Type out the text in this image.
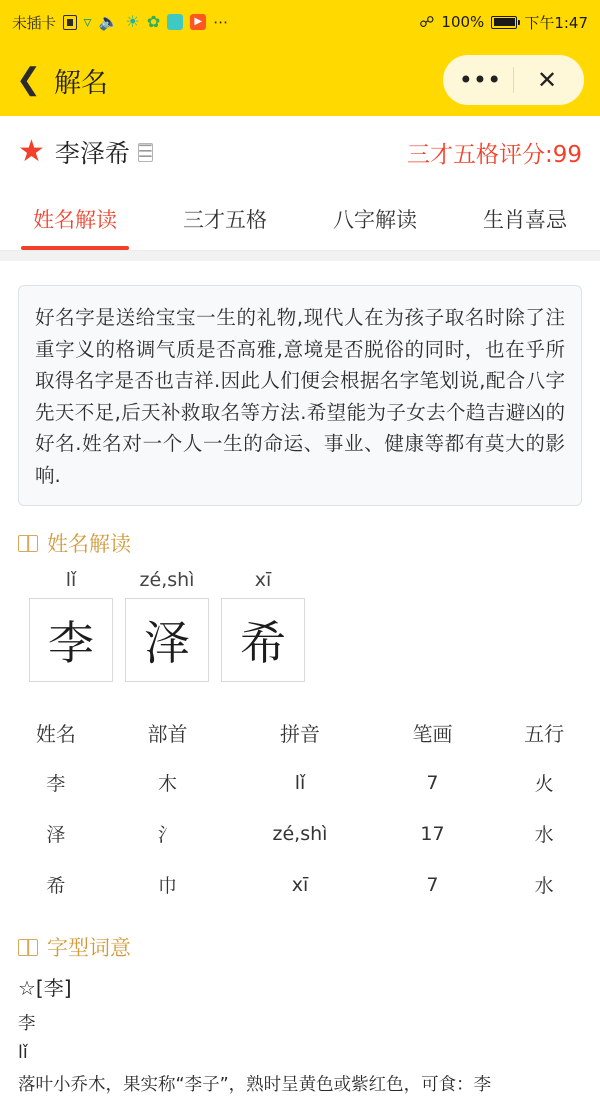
未插卡 ▿ 🔈 ☀ ✿	▶ ⋯	☍ 100%	下午1:47
❮ 解名	•••	✕
★ 李泽希 ☰	三才五格评分:99
姓名解读	三才五格	八字解读	生肖喜忌
好名字是送给宝宝一生的礼物,现代人在为孩子取名时除了注重字义的格调气质是否高雅,意境是否脱俗的同时，也在乎所取得名字是否也吉祥.因此人们便会根据名字笔划说,配合八字先天不足,后天补救取名等方法.希望能为子女去个趋吉避凶的好名.姓名对一个人一生的命运、事业、健康等都有莫大的影响.
姓名解读
lǐ
李
zé,shì
泽
xī
希
姓名	部首	拼音	笔画	五行
李	木	lǐ	7	火
泽	氵	zé,shì	17	水
希	巾	xī	7	水
字型词意
☆[李]
李
lǐ
落叶小乔木，果实称“李子”，熟时呈黄色或紫红色，可食：李
